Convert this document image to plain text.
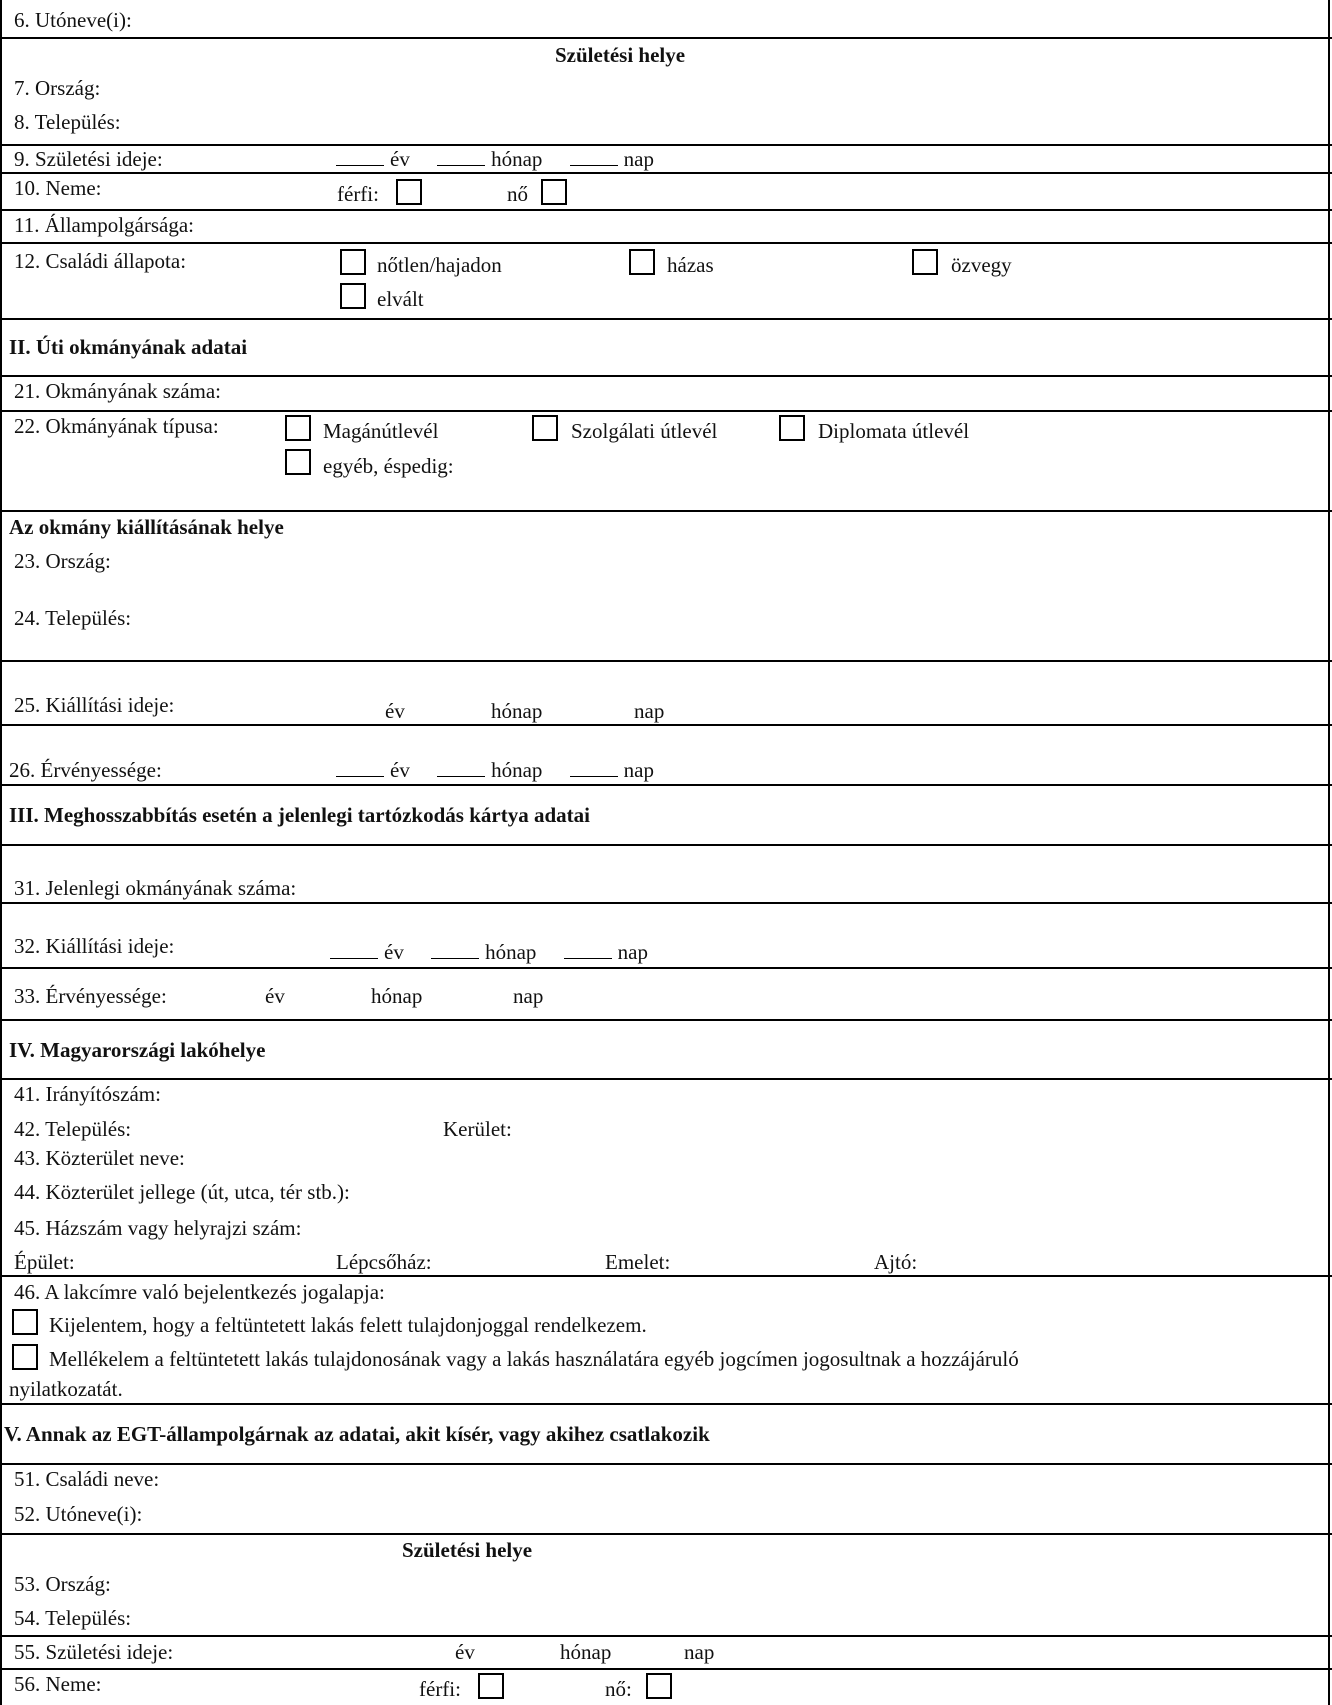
6. Utóneve(i):
Születési helye
7. Ország:
8. Település:
9. Születési ideje:	év	hónap	nap
10. Neme:	férfi:	nő
11. Állampolgársága:
12. Családi állapota:	nőtlen/hajadon	házas	özvegy
elvált
II. Úti okmányának adatai
21. Okmányának száma:
22. Okmányának típusa:	Magánútlevél	Szolgálati útlevél	Diplomata útlevél
egyéb, éspedig:
Az okmány kiállításának helye
23. Ország:
24. Település:
25. Kiállítási ideje:	év	hónap	nap
26. Érvényessége:	év	hónap	nap
III. Meghosszabbítás esetén a jelenlegi tartózkodás kártya adatai
31. Jelenlegi okmányának száma:
32. Kiállítási ideje:	év	hónap	nap
33. Érvényessége:	év	hónap	nap
IV. Magyarországi lakóhelye
41. Irányítószám:
42. Település:	Kerület:
43. Közterület neve:
44. Közterület jellege (út, utca, tér stb.):
45. Házszám vagy helyrajzi szám:
Épület:	Lépcsőház:	Emelet:	Ajtó:
46. A lakcímre való bejelentkezés jogalapja:
Kijelentem, hogy a feltüntetett lakás felett tulajdonjoggal rendelkezem.
Mellékelem a feltüntetett lakás tulajdonosának vagy a lakás használatára egyéb jogcímen jogosultnak a hozzájáruló
nyilatkozatát.
V. Annak az EGT-állampolgárnak az adatai, akit kísér, vagy akihez csatlakozik
51. Családi neve:
52. Utóneve(i):
Születési helye
53. Ország:
54. Település:
55. Születési ideje:	év	hónap	nap
56. Neme:	férfi:	nő:
